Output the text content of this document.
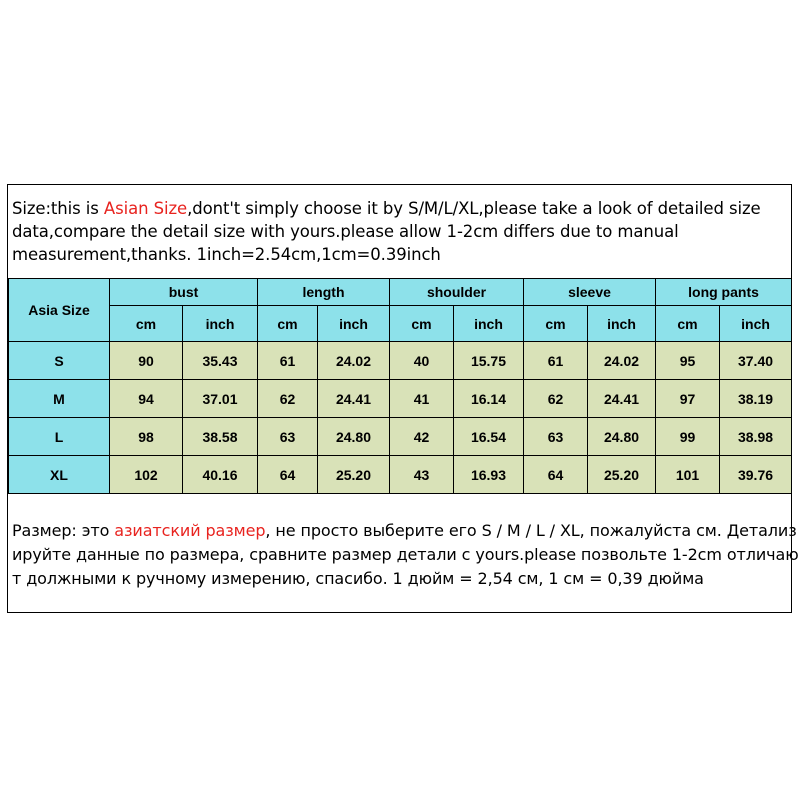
Size:this is Asian Size,dont't simply choose it by S/M/L/XL,please take a look of detailed size
data,compare the detail size with yours.please allow 1-2cm differs due to manual
measurement,thanks. 1inch=2.54cm,1cm=0.39inch
Asia Size	bust		length		shoulder		sleeve		long pants	
	cm	inch	cm	inch	cm	inch	cm	inch	cm	inch
S	90	35.43	61	24.02	40	15.75	61	24.02	95	37.40
M	94	37.01	62	24.41	41	16.14	62	24.41	97	38.19
L	98	38.58	63	24.80	42	16.54	63	24.80	99	38.98
XL	102	40.16	64	25.20	43	16.93	64	25.20	101	39.76
Размер: это азиатский размер, не просто выберите его S / M / L / XL, пожалуйста см. Детализ
ируйте данные по размера, сравните размер детали с yours.please позвольте 1-2cm отличаю
т должными к ручному измерению, спасибо. 1 дюйм = 2,54 см, 1 см = 0,39 дюйма
